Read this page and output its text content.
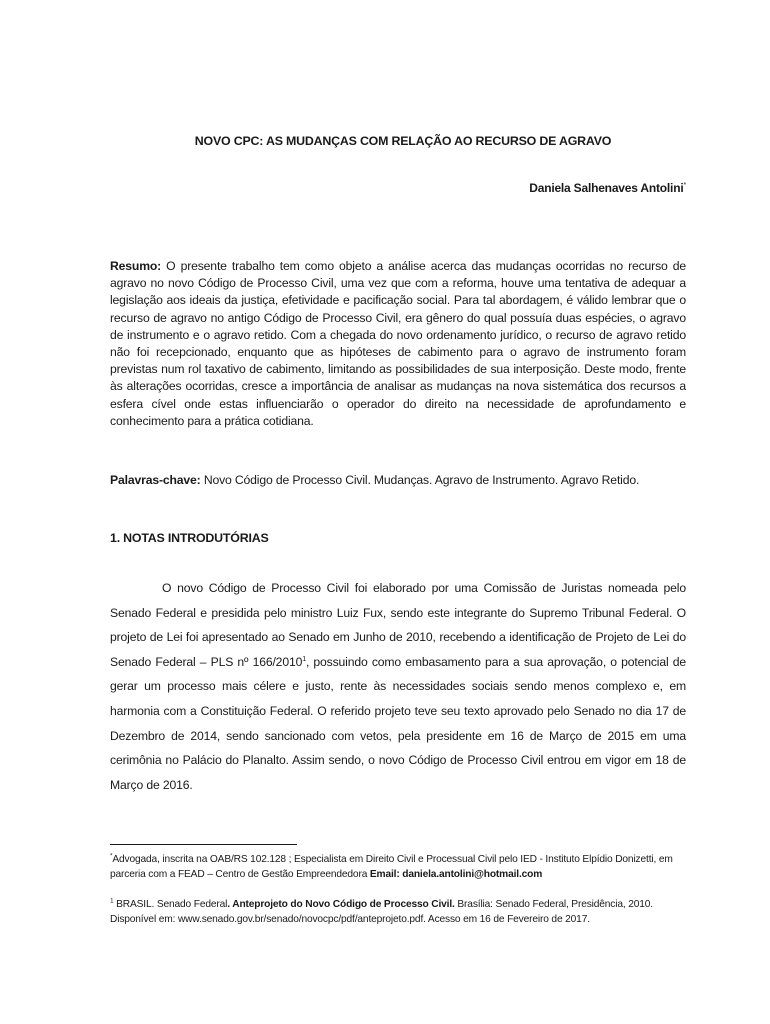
NOVO CPC: AS MUDANÇAS COM RELAÇÃO AO RECURSO DE AGRAVO
Daniela Salhenaves Antolini*

Resumo: O presente trabalho tem como objeto a análise acerca das mudanças ocorridas no recurso de agravo no novo Código de Processo Civil, uma vez que com a reforma, houve uma tentativa de adequar a legislação aos ideais da justiça, efetividade e pacificação social. Para tal abordagem, é válido lembrar que o recurso de agravo no antigo Código de Processo Civil, era gênero do qual possuía duas espécies, o agravo de instrumento e o agravo retido. Com a chegada do novo ordenamento jurídico, o recurso de agravo retido não foi recepcionado, enquanto que as hipóteses de cabimento para o agravo de instrumento foram previstas num rol taxativo de cabimento, limitando as possibilidades de sua interposição. Deste modo, frente às alterações ocorridas, cresce a importância de analisar as mudanças na nova sistemática dos recursos a esfera cível onde estas influenciarão o operador do direito na necessidade de aprofundamento e conhecimento para a prática cotidiana.

Palavras-chave: Novo Código de Processo Civil. Mudanças. Agravo de Instrumento. Agravo Retido.
1. NOTAS INTRODUTÓRIAS

O novo Código de Processo Civil foi elaborado por uma Comissão de Juristas nomeada pelo Senado Federal e presidida pelo ministro Luiz Fux, sendo este integrante do Supremo Tribunal Federal. O projeto de Lei foi apresentado ao Senado em Junho de 2010, recebendo a identificação de Projeto de Lei do Senado Federal – PLS nº 166/2010$^1$, possuindo como embasamento para a sua aprovação, o potencial de gerar um processo mais célere e justo, rente às necessidades sociais sendo menos complexo e, em harmonia com a Constituição Federal. O referido projeto teve seu texto aprovado pelo Senado no dia 17 de Dezembro de 2014, sendo sancionado com vetos, pela presidente em 16 de Março de 2015 em uma cerimônia no Palácio do Planalto. Assim sendo, o novo Código de Processo Civil entrou em vigor em 18 de Março de 2016.

*Advogada, inscrita na OAB/RS 102.128 ; Especialista em Direito Civil e Processual Civil pelo IED - Instituto Elpídio Donizetti, em parceria com a FEAD – Centro de Gestão Empreendedora Email: daniela.antolini@hotmail.com

$^1$ BRASIL. Senado Federal. Anteprojeto do Novo Código de Processo Civil. Brasília: Senado Federal, Presidência, 2010. Disponível em: www.senado.gov.br/senado/novocpc/pdf/anteprojeto.pdf. Acesso em 16 de Fevereiro de 2017.
